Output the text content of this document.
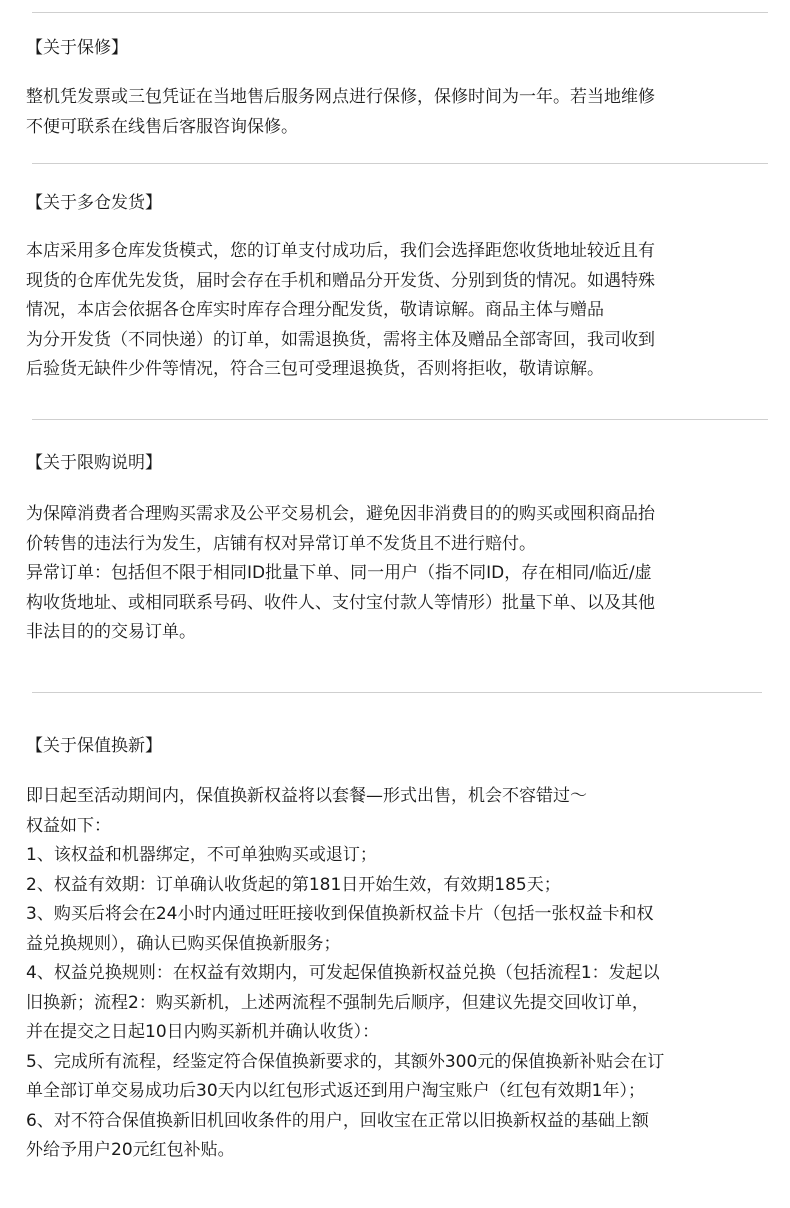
【关于保修】
整机凭发票或三包凭证在当地售后服务网点进行保修，保修时间为一年。若当地维修
不便可联系在线售后客服咨询保修。
【关于多仓发货】
本店采用多仓库发货模式，您的订单支付成功后，我们会选择距您收货地址较近且有
现货的仓库优先发货，届时会存在手机和赠品分开发货、分别到货的情况。如遇特殊
情况，本店会依据各仓库实时库存合理分配发货，敬请谅解。商品主体与赠品
为分开发货（不同快递）的订单，如需退换货，需将主体及赠品全部寄回，我司收到
后验货无缺件少件等情况，符合三包可受理退换货，否则将拒收，敬请谅解。
【关于限购说明】
为保障消费者合理购买需求及公平交易机会，避免因非消费目的的购买或囤积商品抬
价转售的违法行为发生，店铺有权对异常订单不发货且不进行赔付。
异常订单：包括但不限于相同ID批量下单、同一用户（指不同ID，存在相同/临近/虚
构收货地址、或相同联系号码、收件人、支付宝付款人等情形）批量下单、以及其他
非法目的的交易订单。
【关于保值换新】
即日起至活动期间内，保值换新权益将以套餐—形式出售，机会不容错过～
权益如下：
1、该权益和机器绑定，不可单独购买或退订；
2、权益有效期：订单确认收货起的第181日开始生效，有效期185天；
3、购买后将会在24小时内通过旺旺接收到保值换新权益卡片（包括一张权益卡和权
益兑换规则），确认已购买保值换新服务；
4、权益兑换规则：在权益有效期内，可发起保值换新权益兑换（包括流程1：发起以
旧换新；流程2：购买新机，上述两流程不强制先后顺序，但建议先提交回收订单，
并在提交之日起10日内购买新机并确认收货）：
5、完成所有流程，经鉴定符合保值换新要求的，其额外300元的保值换新补贴会在订
单全部订单交易成功后30天内以红包形式返还到用户淘宝账户（红包有效期1年）；
6、对不符合保值换新旧机回收条件的用户，回收宝在正常以旧换新权益的基础上额
外给予用户20元红包补贴。
